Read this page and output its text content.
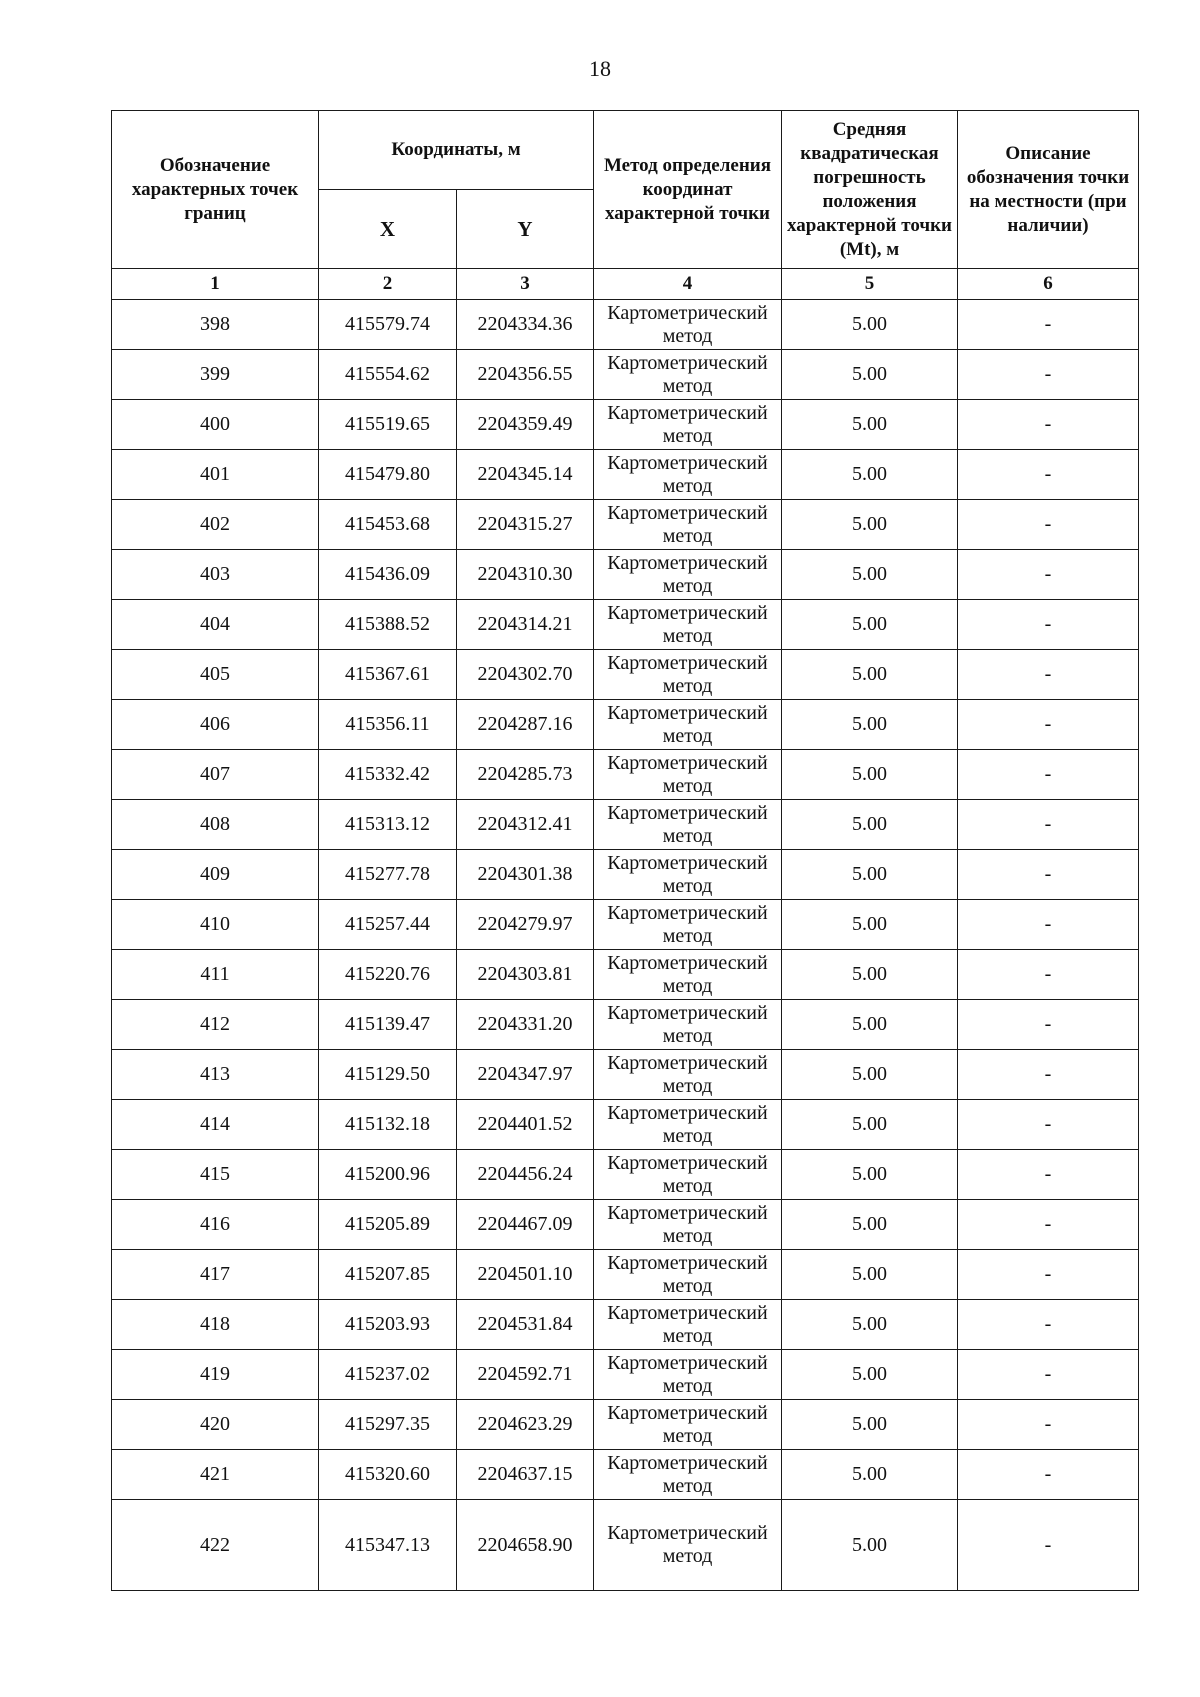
18
Обозначение характерных точек границ	Координаты, м		Метод определения координат характерной точки	Средняя квадратическая погрешность положения характерной точки (Mt), м	Описание обозначения точки на местности (при наличии)
	X	Y			
1	2	3	4	5	6
398	415579.74	2204334.36	Картометрический метод	5.00	-
399	415554.62	2204356.55	Картометрический метод	5.00	-
400	415519.65	2204359.49	Картометрический метод	5.00	-
401	415479.80	2204345.14	Картометрический метод	5.00	-
402	415453.68	2204315.27	Картометрический метод	5.00	-
403	415436.09	2204310.30	Картометрический метод	5.00	-
404	415388.52	2204314.21	Картометрический метод	5.00	-
405	415367.61	2204302.70	Картометрический метод	5.00	-
406	415356.11	2204287.16	Картометрический метод	5.00	-
407	415332.42	2204285.73	Картометрический метод	5.00	-
408	415313.12	2204312.41	Картометрический метод	5.00	-
409	415277.78	2204301.38	Картометрический метод	5.00	-
410	415257.44	2204279.97	Картометрический метод	5.00	-
411	415220.76	2204303.81	Картометрический метод	5.00	-
412	415139.47	2204331.20	Картометрический метод	5.00	-
413	415129.50	2204347.97	Картометрический метод	5.00	-
414	415132.18	2204401.52	Картометрический метод	5.00	-
415	415200.96	2204456.24	Картометрический метод	5.00	-
416	415205.89	2204467.09	Картометрический метод	5.00	-
417	415207.85	2204501.10	Картометрический метод	5.00	-
418	415203.93	2204531.84	Картометрический метод	5.00	-
419	415237.02	2204592.71	Картометрический метод	5.00	-
420	415297.35	2204623.29	Картометрический метод	5.00	-
421	415320.60	2204637.15	Картометрический метод	5.00	-
422	415347.13	2204658.90	Картометрический метод	5.00	-
